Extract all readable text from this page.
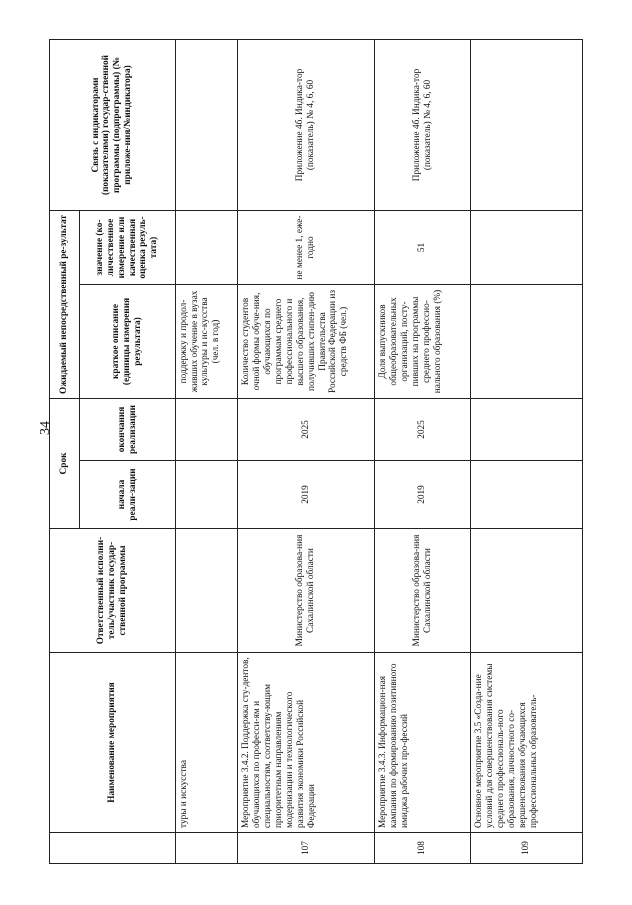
34
	Наименование мероприятия	Ответственный исполни-тель/участник государ-ственной программы	Срок		Ожидаемый непосредственный ре-зультат		Связь с индикаторами (показателями) государ-ственной программы (подпрограммы) (№ приложе-ния/№индикатора)
			начала реали-зации	окончания реализации	краткое описание (единицы измерения результата)	значение (ко-личественное измерение или качественная оценка резуль-тата)	
	туры и искусства				поддержку и продол-живших обучение в вузах культуры и ис-кусства (чел. в год)		
107	Мероприятие 3.4.2. Поддержка сту-дентов, обучающихся по професси-ям и специальностям, соответству-ющим приоритетным направлениям модернизации и технологического развития экономики Российской Федерации	Министерство образова-ния Сахалинской области	2019	2025	Количество студентов очной формы обуче-ния, обучающихся по программам среднего профессионального и высшего образования, получивших стипен-дию Правительства Российской Федерации из средств ФБ (чел.)	не менее 1, еже-годно	Приложение 4б. Индика-тор (показатель) № 4, 6, 60
108	Мероприятие 3.4.3. Информацион-ная кампания по формированию позитивного имиджа рабочих про-фессий	Министерство образова-ния Сахалинской области	2019	2025	Доля выпускников общеобразовательных организаций, посту-пивших на программы среднего профессио-нального образования (%)	51	Приложение 4б. Индика-тор (показатель) № 4, 6, 60
109	Основное мероприятие 3.5 «Созда-ние условий для совершенствования системы среднего профессиональ-ного образования, личностного со-вершенствования обучающихся профессиональных образователь-						
